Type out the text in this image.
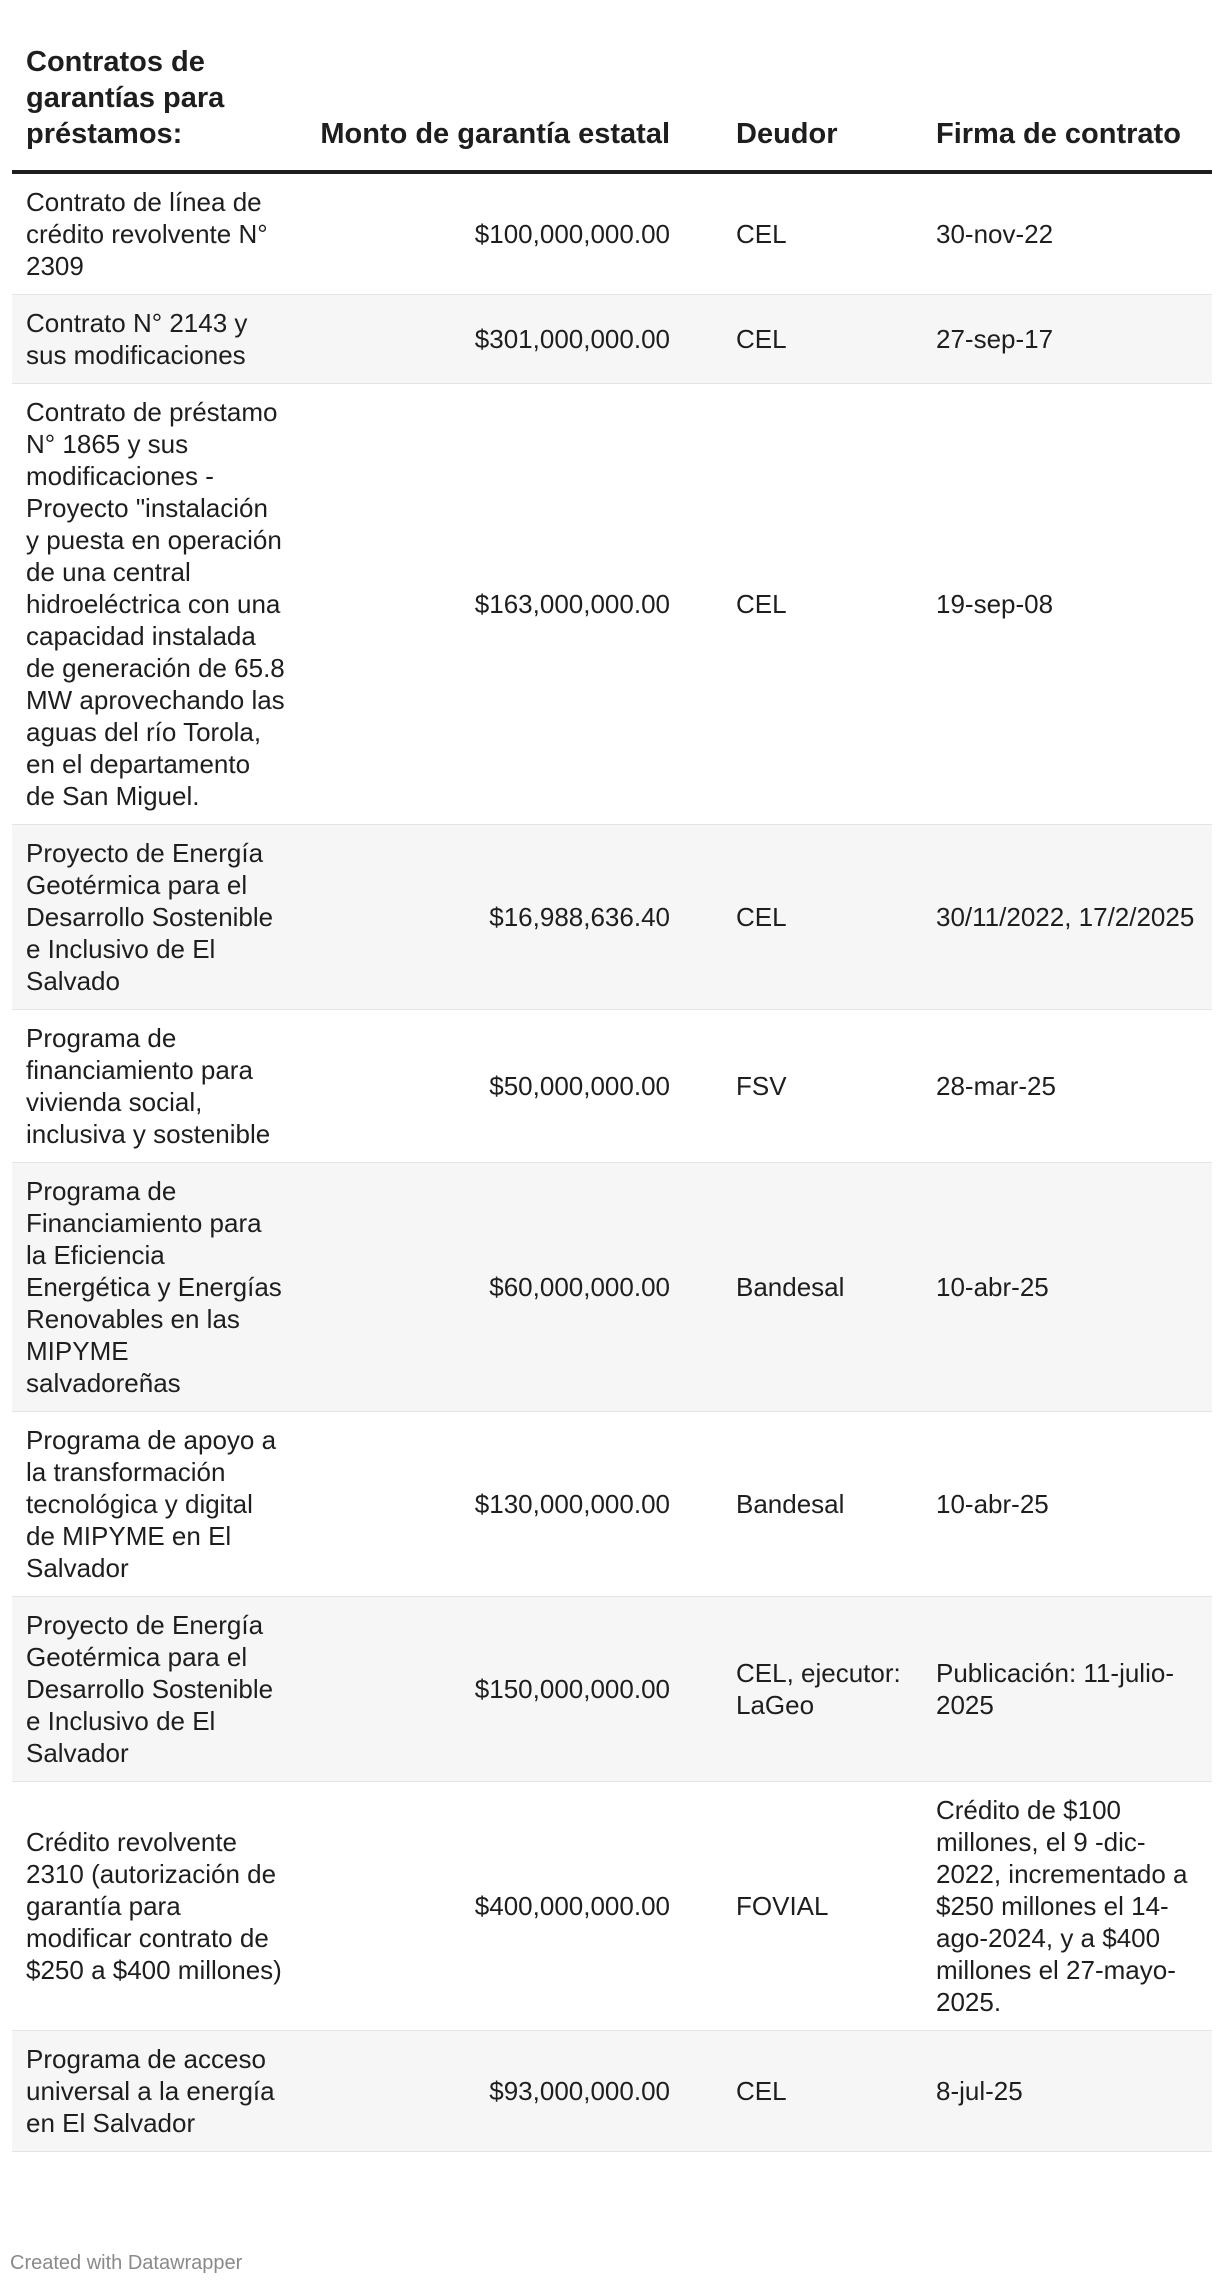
Contratos de garantías para préstamos:	Monto de garantía estatal	Deudor	Firma de contrato
Contrato de línea de crédito revolvente N° 2309	$100,000,000.00	CEL	30-nov-22
Contrato N° 2143 y sus modificaciones	$301,000,000.00	CEL	27-sep-17
Contrato de préstamo N° 1865 y sus modificaciones - Proyecto "instalación y puesta en operación de una central hidroeléctrica con una capacidad instalada de generación de 65.8 MW aprovechando las aguas del río Torola, en el departamento de San Miguel.	$163,000,000.00	CEL	19-sep-08
Proyecto de Energía Geotérmica para el Desarrollo Sostenible e Inclusivo de El Salvado	$16,988,636.40	CEL	30/11/2022, 17/2/2025
Programa de financiamiento para vivienda social, inclusiva y sostenible	$50,000,000.00	FSV	28-mar-25
Programa de Financiamiento para la Eficiencia Energética y Energías Renovables en las MIPYME salvadoreñas	$60,000,000.00	Bandesal	10-abr-25
Programa de apoyo a la transformación tecnológica y digital de MIPYME en El Salvador	$130,000,000.00	Bandesal	10-abr-25
Proyecto de Energía Geotérmica para el Desarrollo Sostenible e Inclusivo de El Salvador	$150,000,000.00	CEL, ejecutor: LaGeo	Publicación: 11-julio-2025
Crédito revolvente 2310 (autorización de garantía para modificar contrato de $250 a $400 millones)	$400,000,000.00	FOVIAL	Crédito de $100 millones, el 9 -dic-2022, incrementado a $250 millones el 14-ago-2024, y a $400 millones el 27-mayo-2025.
Programa de acceso universal a la energía en El Salvador	$93,000,000.00	CEL	8-jul-25
Created with Datawrapper
